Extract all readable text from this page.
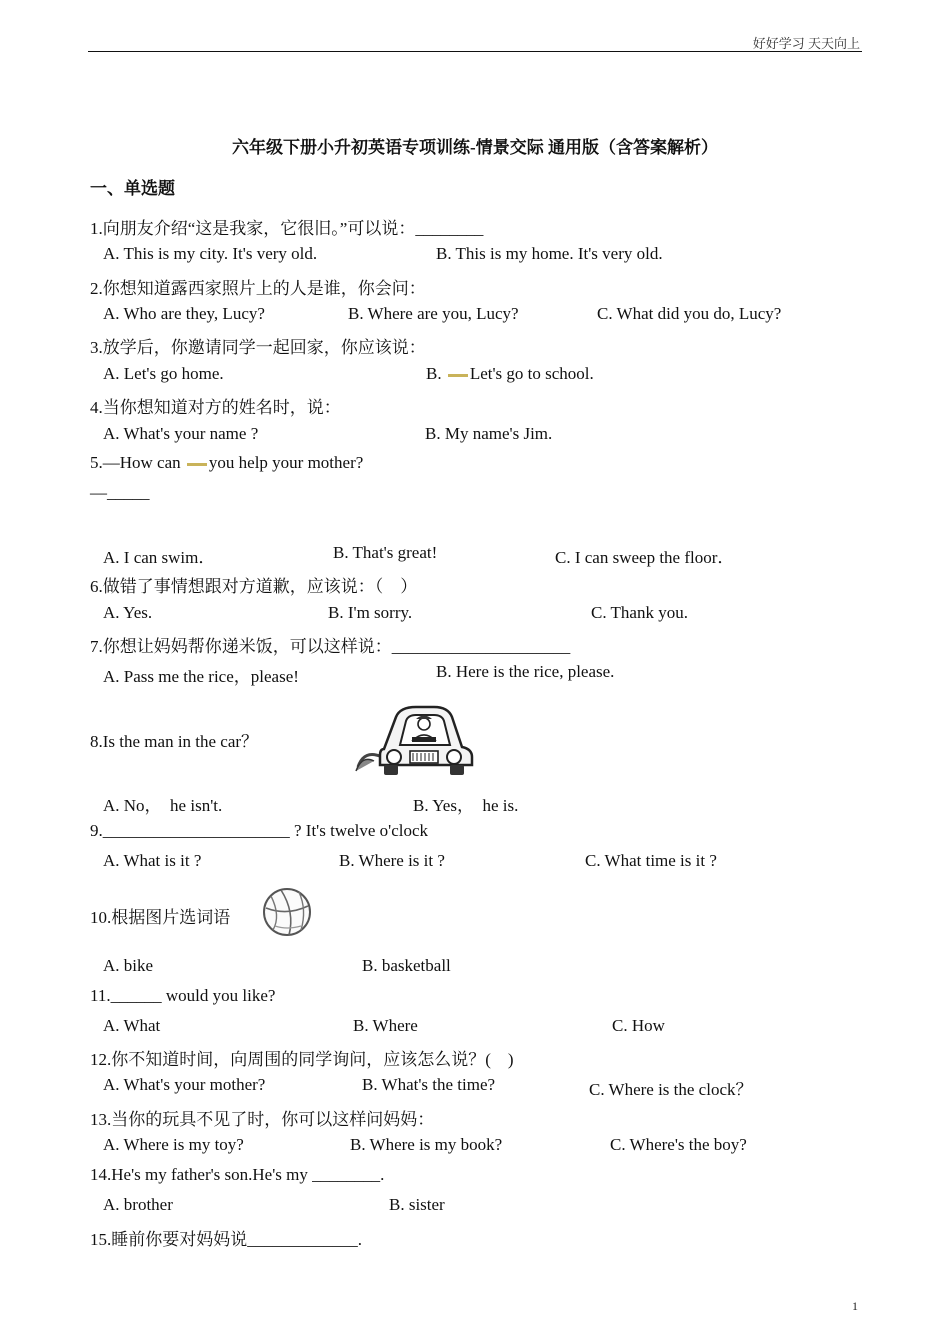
好好学习 天天向上
六年级下册小升初英语专项训练-情景交际 通用版（含答案解析）
一、单选题
1.向朋友介绍“这是我家，它很旧。”可以说：________
A. This is my city. It's very old.	B. This is my home. It's very old.
2.你想知道露西家照片上的人是谁，你会问：
A. Who are they, Lucy?	B. Where are you, Lucy?	C. What did you do, Lucy?
3.放学后，你邀请同学一起回家，你应该说：
A. Let's go home.	B. Let's go to school.
4.当你想知道对方的姓名时，说：
A. What's your name ?	B. My name's Jim.
5.—How can you help your mother?
—_____
A. I can swim．	B. That's great!	C. I can sweep the floor．
6.做错了事情想跟对方道歉，应该说：（　）
A. Yes.	B. I'm sorry.	C. Thank you.
7.你想让妈妈帮你递米饭，可以这样说：_____________________
A. Pass me the rice，please!	B. Here is the rice, please.
8.Is the man in the car？
A. No，　he isn't.	B. Yes，　he is.
9.______________________ ? It's twelve o'clock
A. What is it ?	B. Where is it ?	C. What time is it ?
10.根据图片选词语
A. bike	B. basketball
11.______ would you like?
A. What	B. Where	C. How
12.你不知道时间，向周围的同学询问，应该怎么说？(　)
A. What's your mother?	B. What's the time?	C. Where is the clock？
13.当你的玩具不见了时，你可以这样问妈妈：
A. Where is my toy?	B. Where is my book?	C. Where's the boy?
14.He's my father's son.He's my ________.
A. brother	B. sister
15.睡前你要对妈妈说_____________.
1
